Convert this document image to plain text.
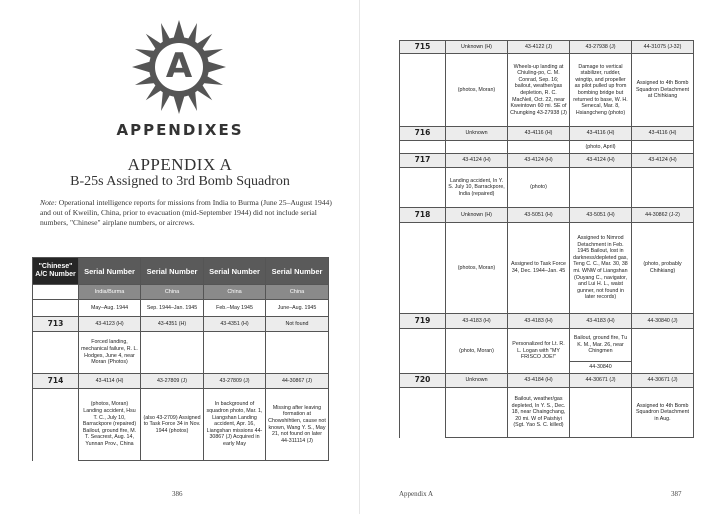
A
APPENDIXES
APPENDIX A
B-25s Assigned to 3rd Bomb Squadron
Note: Operational intelligence reports for missions from India to Burma (June 25–August 1944) and out of Kweilin, China, prior to evacuation (mid-September 1944) did not include serial numbers, "Chinese" airplane numbers, or aircrews.
"Chinese" A/C Number	Serial Number	Serial Number	Serial Number	Serial Number
	India/Burma	China	China	China
	May–Aug. 1944	Sep. 1944–Jan. 1945	Feb.–May 1945	June–Aug. 1945
713	43-4123 (H)	43-4351 (H)	43-4351 (H)	Not found
	Forced landing, mechanical failure, R. L. Hodges, June 4, near Moran (Photos)			
714	43-4114 (H)	43-27809 (J)	43-27809 (J)	44-30867 (J)
	(photos, Moran) Landing accident, Hsu T. C., July 10, Barrackpore (repaired) Bailout, ground fire, M. T. Seacrest, Aug. 14, Yunnan Prov., China	(also 43-2709) Assigned to Task Force 34 in Nov. 1944 (photos)	In background of squadron photo, Mar. 1, Liangshan Landing accident, Apr. 16, Liangshan missions 44-30867 (J) Acquired in early May	Missing after leaving formation at Chowshihtien, cause not known, Wang Y. S., May 21, not found on later 44-311114 (J)
386
715	Unknown (H)	43-4122 (J)	43-27938 (J)	44-31075 (J-32)
	(photos, Moran)	Wheels-up landing at Chiuling-po, C. M. Conrad, Sep. 16; bailout, weather/gas depletion, R. C. MacNeil, Oct. 22, near Kweintown 60 mi. SE of Chungking 43-27938 (J)	Damage to vertical stabilizer, rudder, wingtip, and propeller as pilot pulled up from bombing bridge but returned to base, W. H. Senecal, Mar. 8, Hsiangcheng (photo)	Assigned to 4th Bomb Squadron Detachment at Chihkiang
716	Unknown	43-4116 (H)	43-4116 (H)	43-4116 (H)
			(photo, April)	
717	43-4124 (H)	43-4124 (H)	43-4124 (H)	43-4124 (H)
	Landing accident, In Y. S. July 10, Barrackpore, India (repaired)	(photo)		
718	Unknown (H)	43-5051 (H)	43-5051 (H)	44-30862 (J-2)
	(photos, Moran)	Assigned to Task Force 34, Dec. 1944–Jan. 45	Assigned to Nimrod Detachment in Feb. 1945 Bailout, lost in darkness/depleted gas, Teng C. C., Mar. 30, 38 mi. WNW of Liangshan (Ouyang C., navigator, and Lui H. L., waist gunner, not found in later records)	(photo, probably Chihkiang)
719	43-4183 (H)	43-4183 (H)	43-4183 (H)	44-30840 (J)
	(photo, Moran)	Personalized for Lt. R. L. Logan with "MY FRISCO JOE!"	Bailout, ground fire, Tu K. M., Mar. 26, near Chingmen	
			44-30840	
720	Unknown	43-4184 (H)	44-30671 (J)	44-30671 (J)
		Bailout, weather/gas depleted, In Y. S., Dec. 18, near Chaingchang, 20 mi. W of Paishiyi (Sgt. Yao S. C. killed)		Assigned to 4th Bomb Squadron Detachment in Aug.
Appendix A	387
